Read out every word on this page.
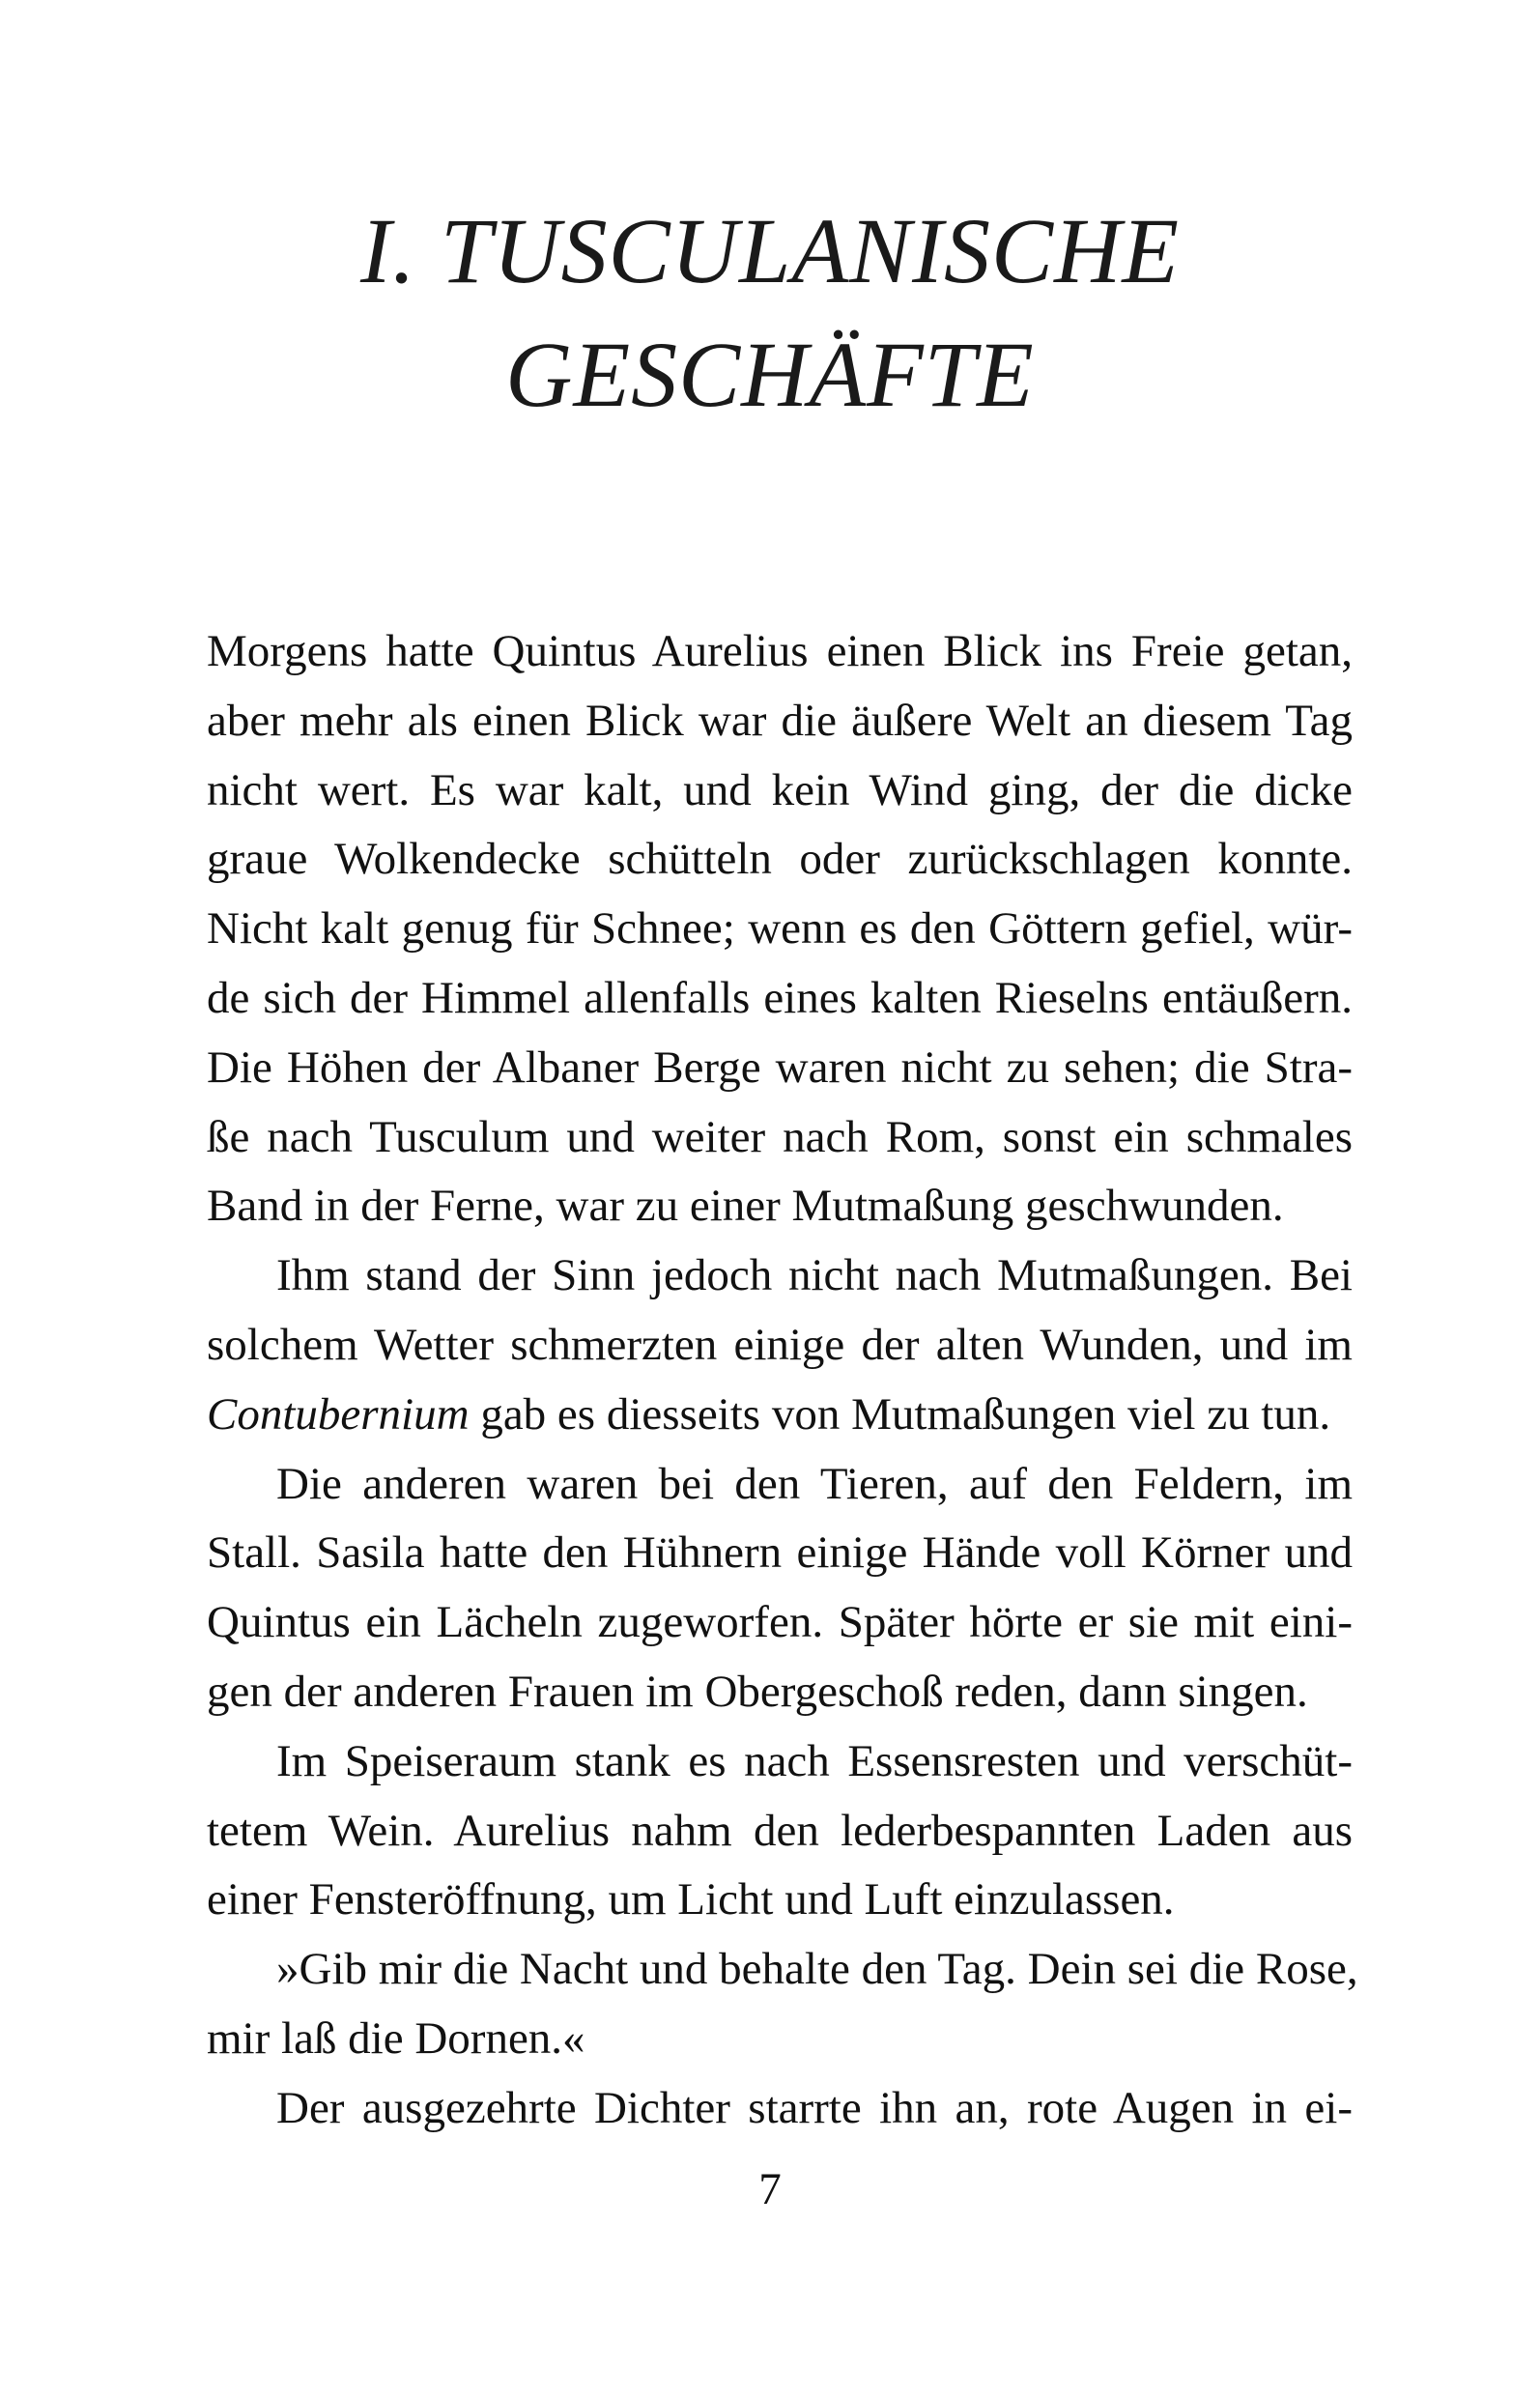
I. TUSCULANISCHE
GESCHÄFTE
Morgens hatte Quintus Aurelius einen Blick ins Freie getan,
aber mehr als einen Blick war die äußere Welt an diesem Tag
nicht wert. Es war kalt, und kein Wind ging, der die dicke
graue Wolkendecke schütteln oder zurückschlagen konnte.
Nicht kalt genug für Schnee; wenn es den Göttern gefiel, wür-
de sich der Himmel allenfalls eines kalten Rieselns entäußern.
Die Höhen der Albaner Berge waren nicht zu sehen; die Stra-
ße nach Tusculum und weiter nach Rom, sonst ein schmales
Band in der Ferne, war zu einer Mutmaßung geschwunden.
Ihm stand der Sinn jedoch nicht nach Mutmaßungen. Bei
solchem Wetter schmerzten einige der alten Wunden, und im
Contubernium gab es diesseits von Mutmaßungen viel zu tun.
Die anderen waren bei den Tieren, auf den Feldern, im
Stall. Sasila hatte den Hühnern einige Hände voll Körner und
Quintus ein Lächeln zugeworfen. Später hörte er sie mit eini-
gen der anderen Frauen im Obergeschoß reden, dann singen.
Im Speiseraum stank es nach Essensresten und verschüt-
tetem Wein. Aurelius nahm den lederbespannten Laden aus
einer Fensteröffnung, um Licht und Luft einzulassen.
»Gib mir die Nacht und behalte den Tag. Dein sei die Rose,
mir laß die Dornen.«
Der ausgezehrte Dichter starrte ihn an, rote Augen in ei-
7
